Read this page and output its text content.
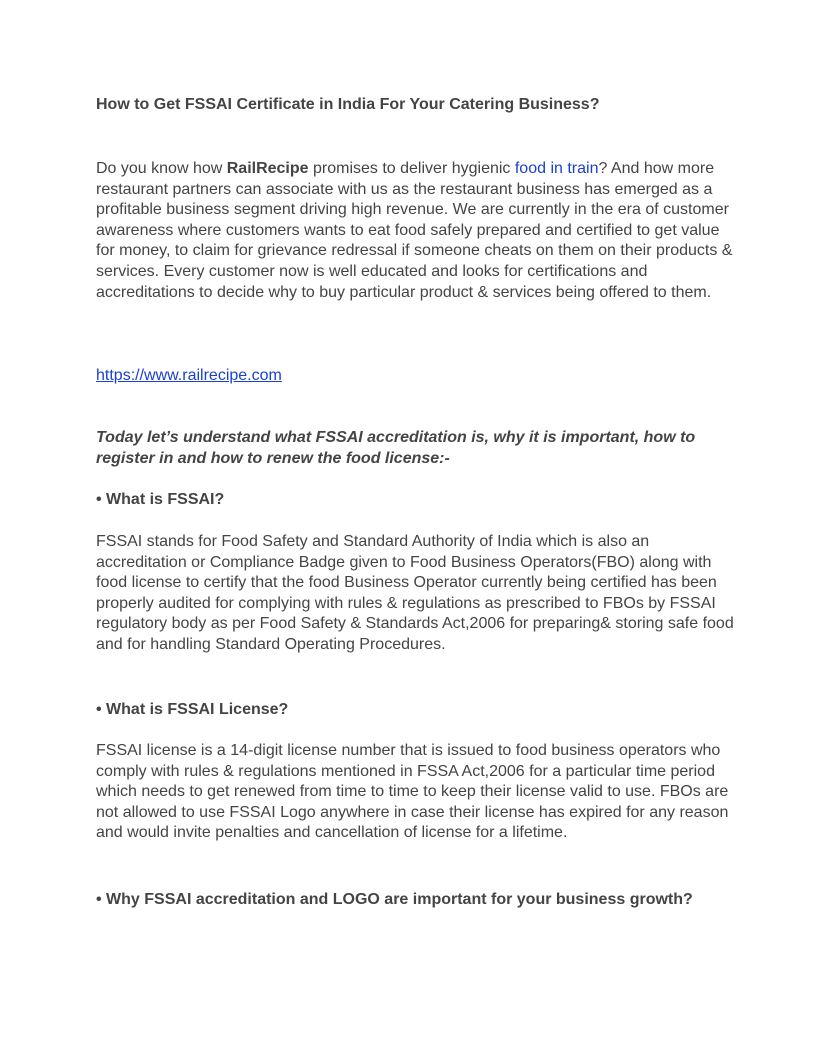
How to Get FSSAI Certificate in India For Your Catering Business?
Do you know how RailRecipe promises to deliver hygienic food in train? And how more restaurant partners can associate with us as the restaurant business has emerged as a profitable business segment driving high revenue. We are currently in the era of customer awareness where customers wants to eat food safely prepared and certified to get value for money, to claim for grievance redressal if someone cheats on them on their products & services. Every customer now is well educated and looks for certifications and accreditations to decide why to buy particular product & services being offered to them.
https://www.railrecipe.com
Today let’s understand what FSSAI accreditation is, why it is important, how to register in and how to renew the food license:-
• What is FSSAI?
FSSAI stands for Food Safety and Standard Authority of India which is also an accreditation or Compliance Badge given to Food Business Operators(FBO) along with food license to certify that the food Business Operator currently being certified has been properly audited for complying with rules & regulations as prescribed to FBOs by FSSAI regulatory body as per Food Safety & Standards Act,2006 for preparing& storing safe food and for handling Standard Operating Procedures.
• What is FSSAI License?
FSSAI license is a 14-digit license number that is issued to food business operators who comply with rules & regulations mentioned in FSSA Act,2006 for a particular time period which needs to get renewed from time to time to keep their license valid to use. FBOs are not allowed to use FSSAI Logo anywhere in case their license has expired for any reason and would invite penalties and cancellation of license for a lifetime.
• Why FSSAI accreditation and LOGO are important for your business growth?
